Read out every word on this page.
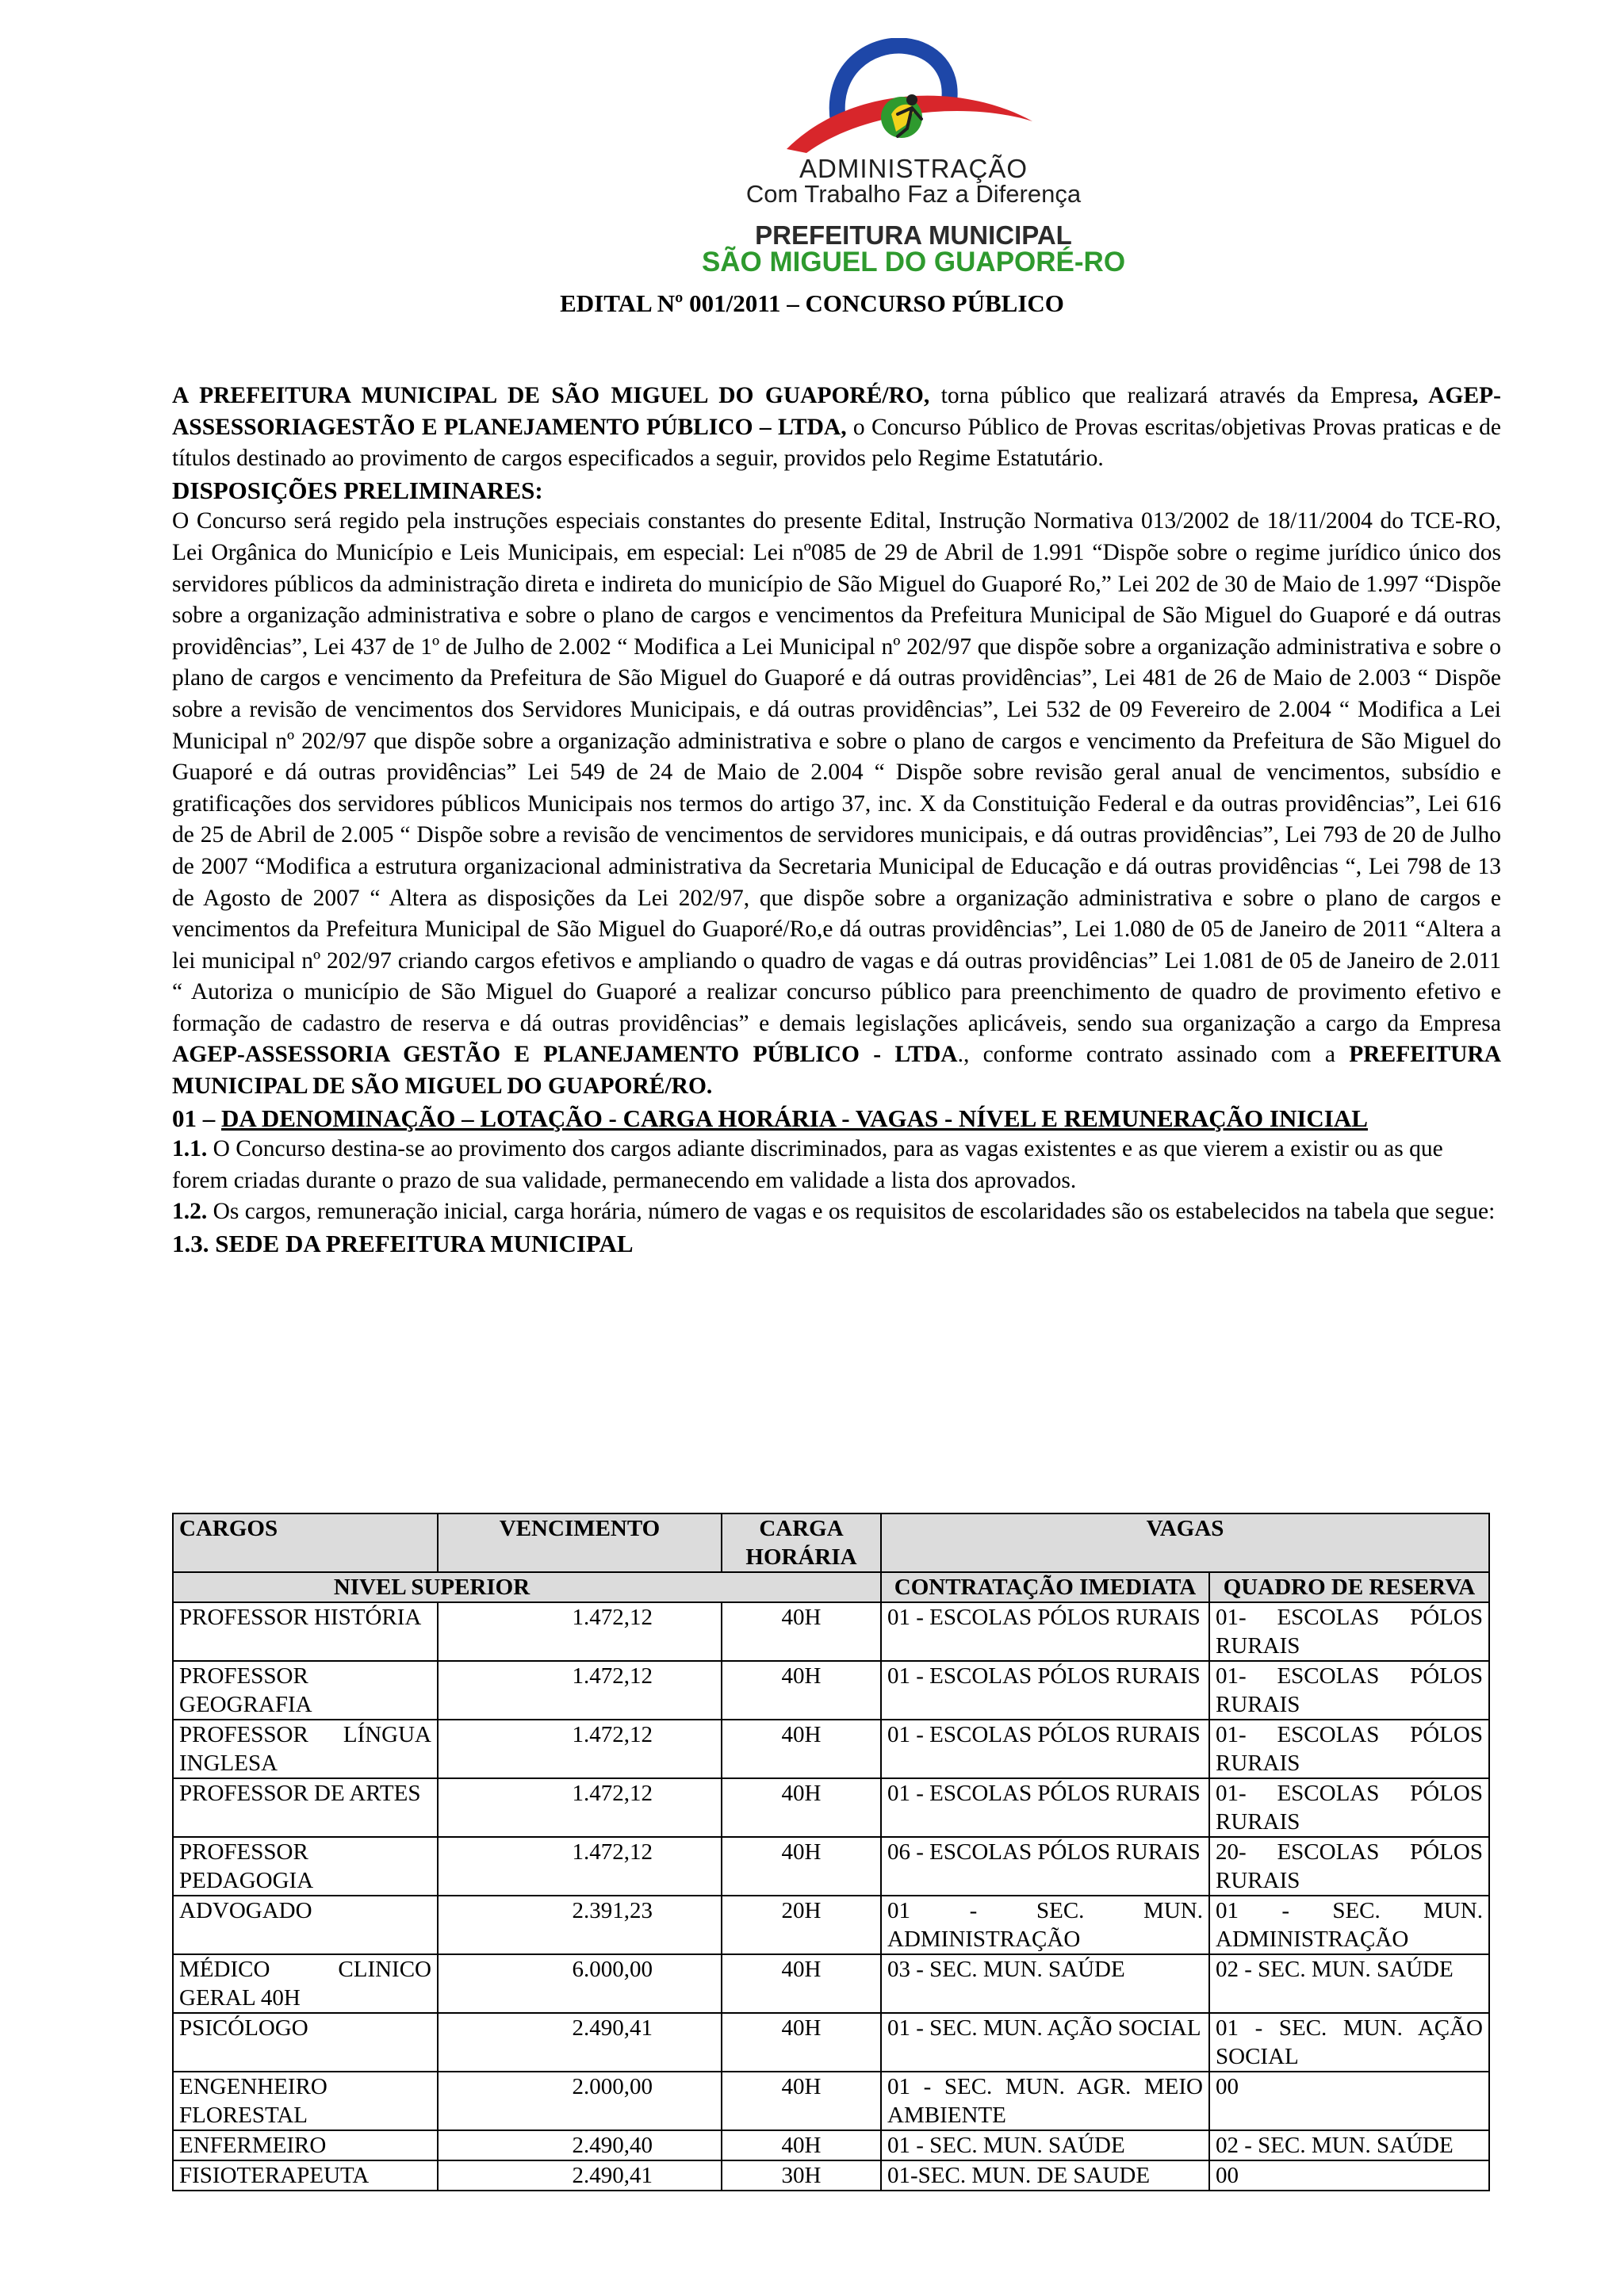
ADMINISTRAÇÃO
Com Trabalho Faz a Diferença
PREFEITURA MUNICIPAL
SÃO MIGUEL DO GUAPORÉ-RO
EDITAL Nº 001/2011 – CONCURSO PÚBLICO

A PREFEITURA MUNICIPAL DE SÃO MIGUEL DO GUAPORÉ/RO, torna público que realizará através da Empresa, AGEP-ASSESSORIAGESTÃO E PLANEJAMENTO PÚBLICO – LTDA, o Concurso Público de Provas escritas/objetivas Provas praticas e de títulos destinado ao provimento de cargos especificados a seguir, providos pelo Regime Estatutário.

DISPOSIÇÕES PRELIMINARES:

O Concurso será regido pela instruções especiais constantes do presente Edital, Instrução Normativa 013/2002 de 18/11/2004 do TCE-RO, Lei Orgânica do Município e Leis Municipais, em especial: Lei nº085 de 29 de Abril de 1.991 “Dispõe sobre o regime jurídico único dos servidores públicos da administração direta e indireta do município de São Miguel do Guaporé Ro,” Lei 202 de 30 de Maio de 1.997 “Dispõe sobre a organização administrativa e sobre o plano de cargos e vencimentos da Prefeitura Municipal de São Miguel do Guaporé e dá outras providências”, Lei 437 de 1º de Julho de 2.002 “ Modifica a Lei Municipal nº 202/97 que dispõe sobre a organização administrativa e sobre o plano de cargos e vencimento da Prefeitura de São Miguel do Guaporé e dá outras providências”, Lei 481 de 26 de Maio de 2.003 “ Dispõe sobre a revisão de vencimentos dos Servidores Municipais, e dá outras providências”, Lei 532 de 09 Fevereiro de 2.004 “ Modifica a Lei Municipal nº 202/97 que dispõe sobre a organização administrativa e sobre o plano de cargos e vencimento da Prefeitura de São Miguel do Guaporé e dá outras providências” Lei 549 de 24 de Maio de 2.004 “ Dispõe sobre revisão geral anual de vencimentos, subsídio e gratificações dos servidores públicos Municipais nos termos do artigo 37, inc. X da Constituição Federal e da outras providências”, Lei 616 de 25 de Abril de 2.005 “ Dispõe sobre a revisão de vencimentos de servidores municipais, e dá outras providências”, Lei 793 de 20 de Julho de 2007 “Modifica a estrutura organizacional administrativa da Secretaria Municipal de Educação e dá outras providências “, Lei 798 de 13 de Agosto de 2007 “ Altera as disposições da Lei 202/97, que dispõe sobre a organização administrativa e sobre o plano de cargos e vencimentos da Prefeitura Municipal de São Miguel do Guaporé/Ro,e dá outras providências”, Lei 1.080 de 05 de Janeiro de 2011 “Altera a lei municipal nº 202/97 criando cargos efetivos e ampliando o quadro de vagas e dá outras providências” Lei 1.081 de 05 de Janeiro de 2.011 “ Autoriza o município de São Miguel do Guaporé a realizar concurso público para preenchimento de quadro de provimento efetivo e formação de cadastro de reserva e dá outras providências” e demais legislações aplicáveis, sendo sua organização a cargo da Empresa AGEP-ASSESSORIA GESTÃO E PLANEJAMENTO PÚBLICO - LTDA., conforme contrato assinado com a PREFEITURA MUNICIPAL DE SÃO MIGUEL DO GUAPORÉ/RO.

01 – DA DENOMINAÇÃO – LOTAÇÃO - CARGA HORÁRIA - VAGAS - NÍVEL E REMUNERAÇÃO INICIAL

1.1. O Concurso destina-se ao provimento dos cargos adiante discriminados, para as vagas existentes e as que vierem a existir ou as que forem criadas durante o prazo de sua validade, permanecendo em validade a lista dos aprovados.

1.2. Os cargos, remuneração inicial, carga horária, número de vagas e os requisitos de escolaridades são os estabelecidos na tabela que segue:

1.3. SEDE DA PREFEITURA MUNICIPAL

CARGOS	VENCIMENTO	CARGA HORÁRIA	VAGAS	
NIVEL SUPERIOR			CONTRATAÇÃO IMEDIATA	QUADRO DE RESERVA
PROFESSOR HISTÓRIA	1.472,12	40H	01 - ESCOLAS PÓLOS RURAIS	01- ESCOLAS PÓLOS RURAIS
PROFESSOR GEOGRAFIA	1.472,12	40H	01 - ESCOLAS PÓLOS RURAIS	01- ESCOLAS PÓLOS RURAIS
PROFESSOR LÍNGUA INGLESA	1.472,12	40H	01 - ESCOLAS PÓLOS RURAIS	01- ESCOLAS PÓLOS RURAIS
PROFESSOR DE ARTES	1.472,12	40H	01 - ESCOLAS PÓLOS RURAIS	01- ESCOLAS PÓLOS RURAIS
PROFESSOR PEDAGOGIA	1.472,12	40H	06 - ESCOLAS PÓLOS RURAIS	20- ESCOLAS PÓLOS RURAIS
ADVOGADO	2.391,23	20H	01 - SEC. MUN. ADMINISTRAÇÃO	01 - SEC. MUN. ADMINISTRAÇÃO
MÉDICO CLINICO GERAL 40H	6.000,00	40H	03 - SEC. MUN. SAÚDE	02 - SEC. MUN. SAÚDE
PSICÓLOGO	2.490,41	40H	01 - SEC. MUN. AÇÃO SOCIAL	01 - SEC. MUN. AÇÃO SOCIAL
ENGENHEIRO FLORESTAL	2.000,00	40H	01 - SEC. MUN. AGR. MEIO AMBIENTE	00
ENFERMEIRO	2.490,40	40H	01 - SEC. MUN. SAÚDE	02 - SEC. MUN. SAÚDE
FISIOTERAPEUTA	2.490,41	30H	01-SEC. MUN. DE SAUDE	00
